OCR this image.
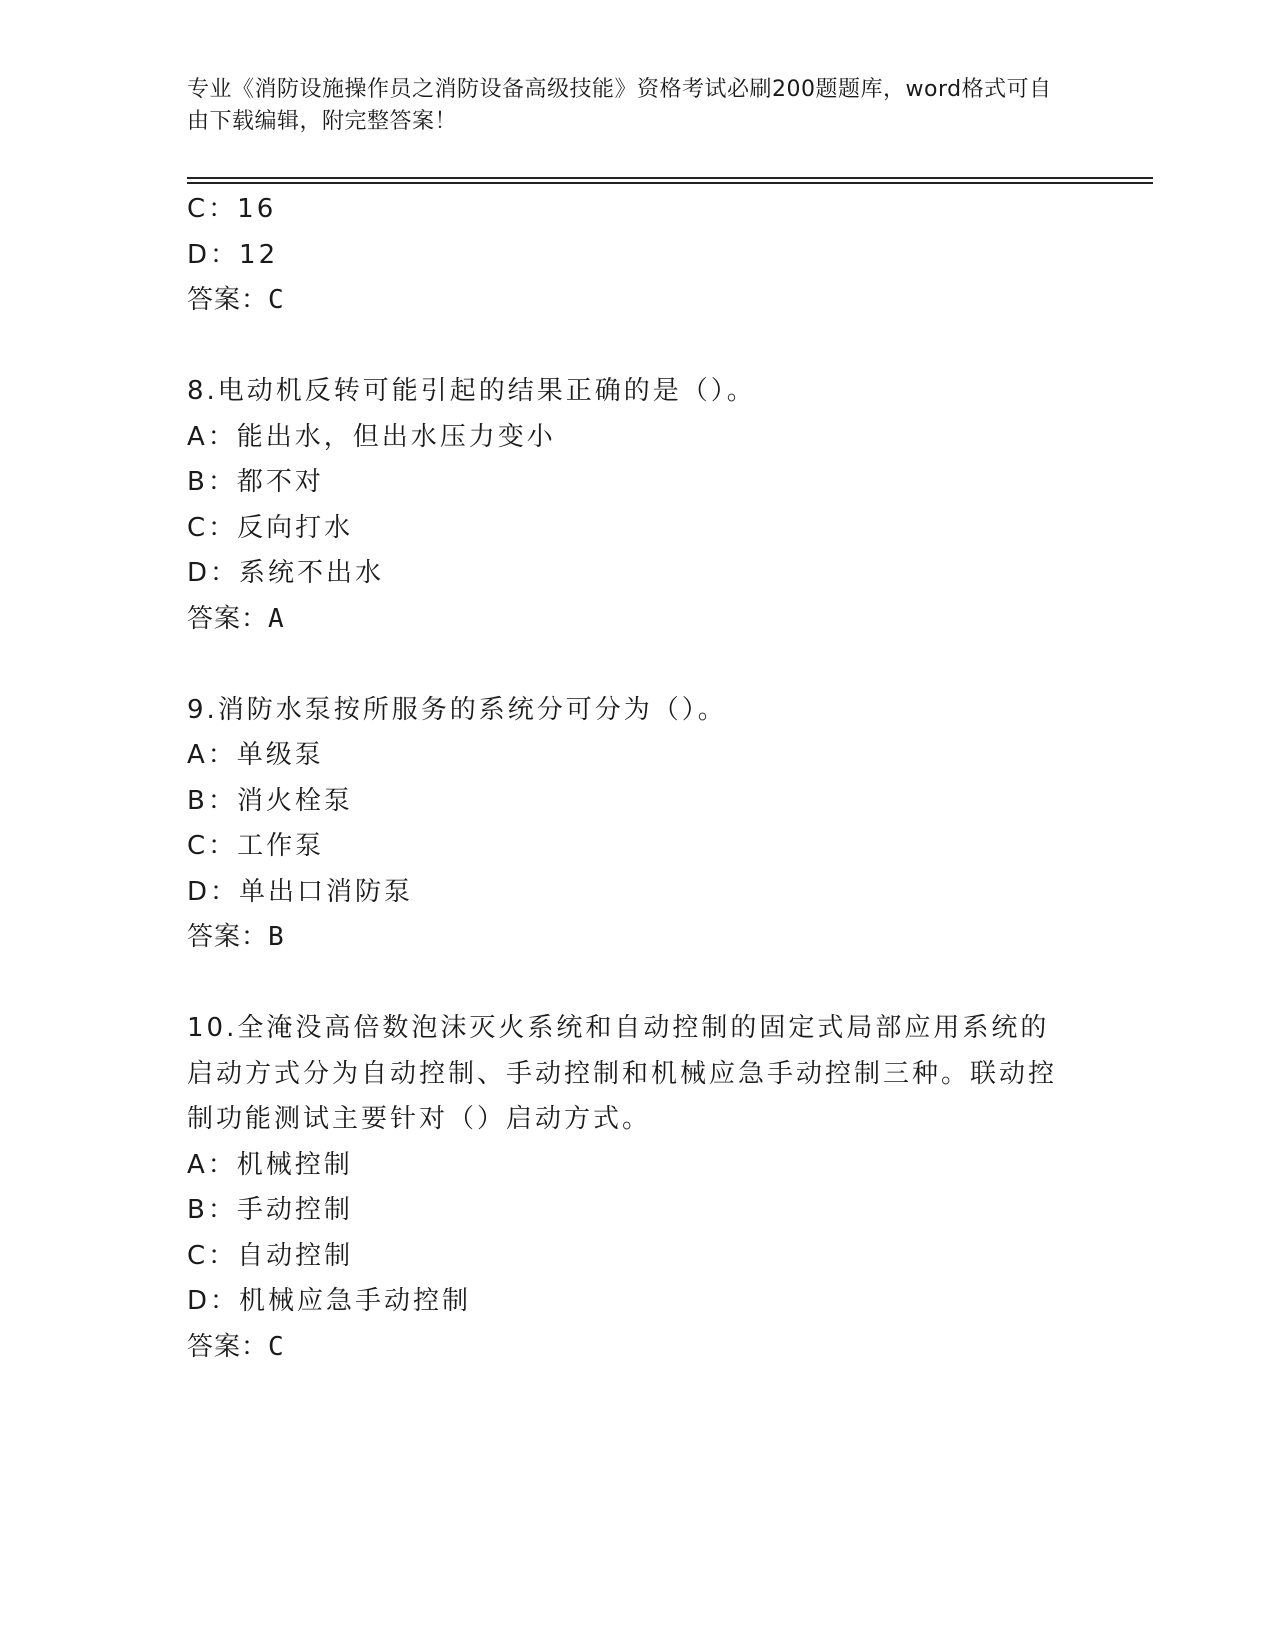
专业《消防设施操作员之消防设备高级技能》资格考试必刷200题题库，word格式可自由下载编辑，附完整答案！
C：16
D：12
答案：C
8.电动机反转可能引起的结果正确的是（）。
A：能出水，但出水压力变小
B：都不对
C：反向打水
D：系统不出水
答案：A
9.消防水泵按所服务的系统分可分为（）。
A：单级泵
B：消火栓泵
C：工作泵
D：单出口消防泵
答案：B
10.全淹没高倍数泡沫灭火系统和自动控制的固定式局部应用系统的启动方式分为自动控制、手动控制和机械应急手动控制三种。联动控制功能测试主要针对（）启动方式。
A：机械控制
B：手动控制
C：自动控制
D：机械应急手动控制
答案：C
